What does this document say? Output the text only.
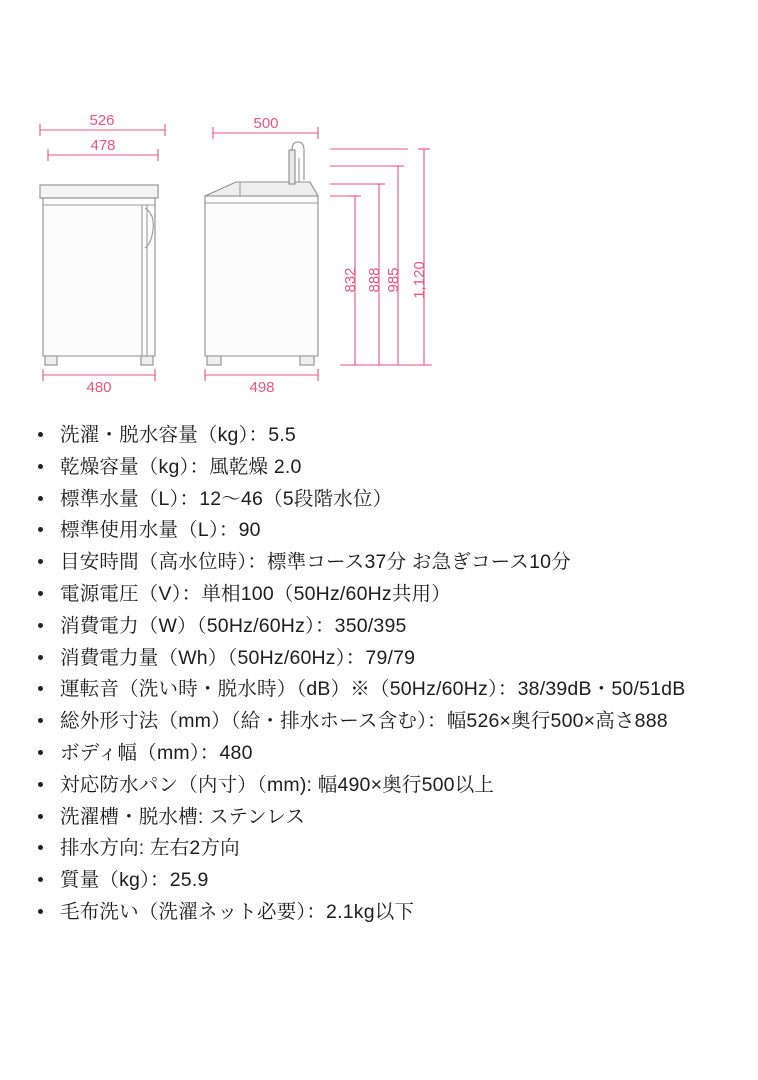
526
478
480
500
498
832 888 985 1,120
洗濯・脱水容量（kg）：5.5
乾燥容量（kg）：風乾燥 2.0
標準水量（L）：12〜46（5段階水位）
標準使用水量（L）：90
目安時間（高水位時）：標準コース37分 お急ぎコース10分
電源電圧（V）：単相100（50Hz/60Hz共用）
消費電力（W）（50Hz/60Hz）：350/395
消費電力量（Wh）（50Hz/60Hz）：79/79
運転音（洗い時・脱水時）（dB）※（50Hz/60Hz）：38/39dB・50/51dB
総外形寸法（mm）（給・排水ホース含む）：幅526×奥行500×高さ888
ボディ幅（mm）：480
対応防水パン（内寸）（mm): 幅490×奥行500以上
洗濯槽・脱水槽: ステンレス
排水方向: 左右2方向
質量（kg）：25.9
毛布洗い（洗濯ネット必要）：2.1kg以下
